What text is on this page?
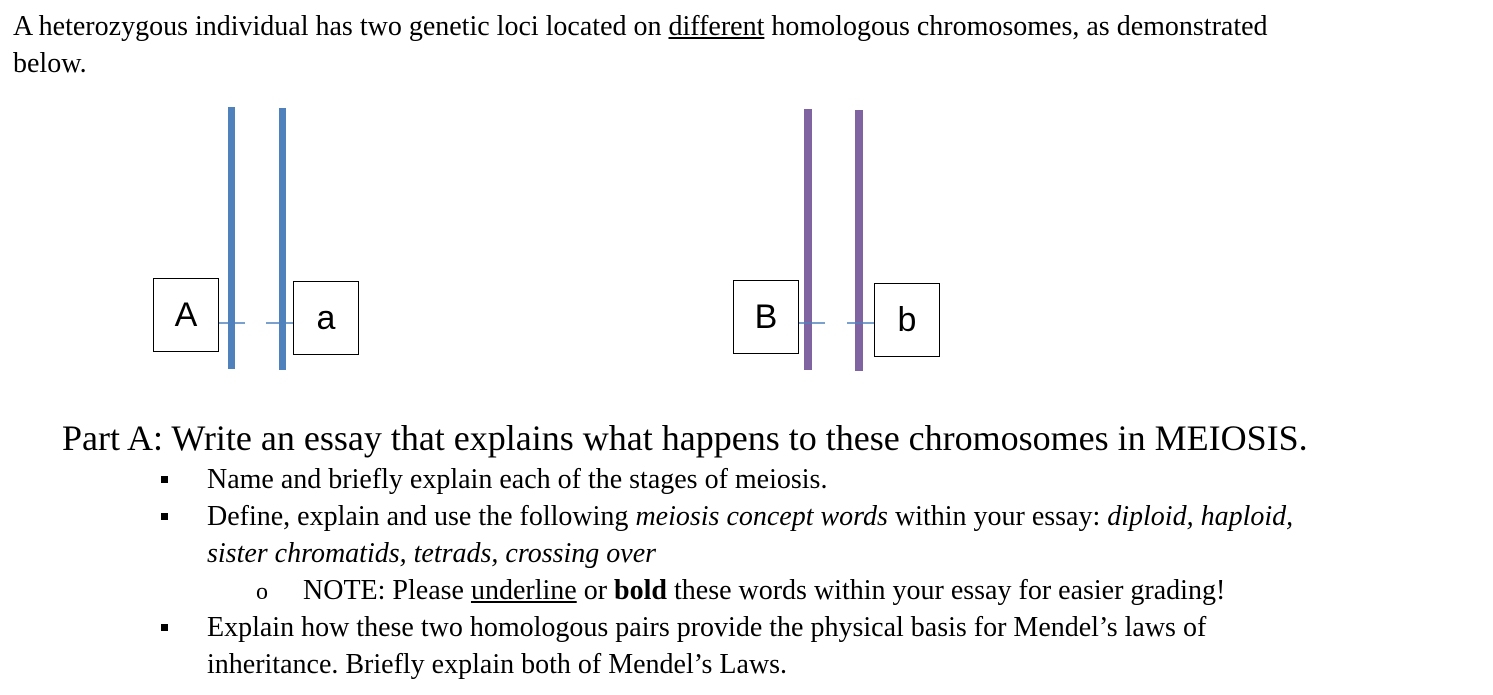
A heterozygous individual has two genetic loci located on different homologous chromosomes, as demonstrated
below.
A	a	B	b
Part A: Write an essay that explains what happens to these chromosomes in MEIOSIS.
Name and briefly explain each of the stages of meiosis.
Define, explain and use the following meiosis concept words within your essay: diploid, haploid,
sister chromatids, tetrads, crossing over
o NOTE: Please underline or bold these words within your essay for easier grading!
Explain how these two homologous pairs provide the physical basis for Mendel’s laws of
inheritance. Briefly explain both of Mendel’s Laws.
